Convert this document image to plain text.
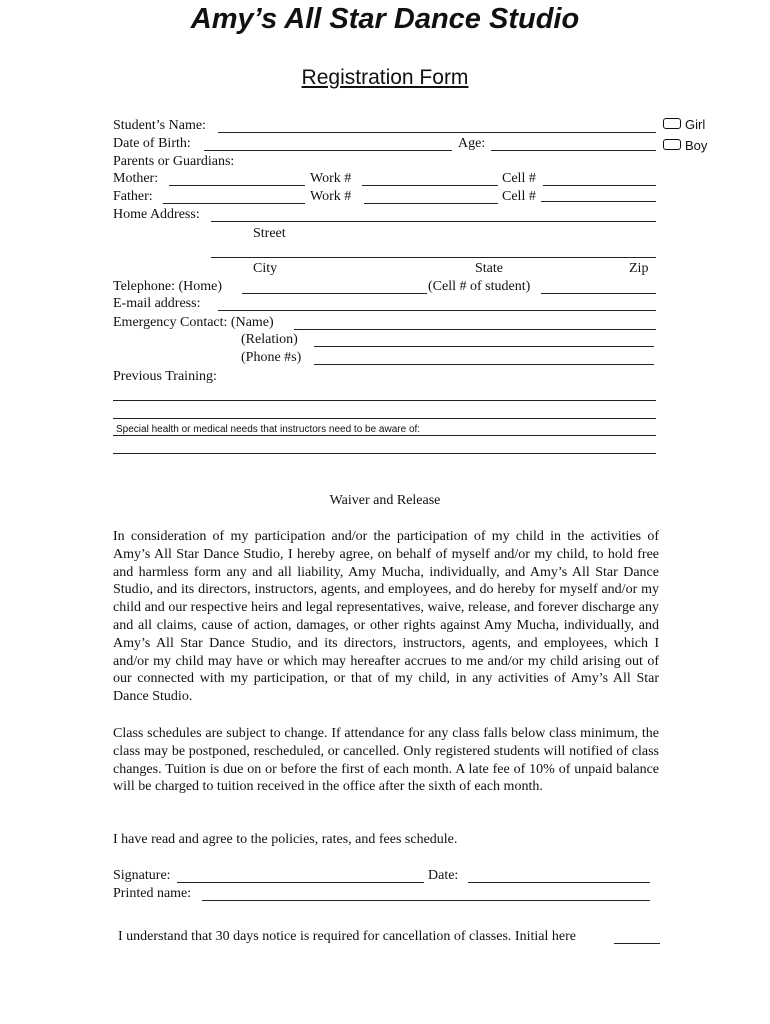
Amy’s All Star Dance Studio
Registration Form
Girl
Boy
Student’s Name:
Date of Birth:	Age:
Parents or Guardians:
Mother:	Work #	Cell #
Father:	Work #	Cell #
Home Address:
Street
City	State	Zip
Telephone: (Home)	(Cell # of student)
E-mail address:
Emergency Contact: (Name)
(Relation)
(Phone #s)
Previous Training:
Special health or medical needs that instructors need to be aware of:
Waiver and Release
In consideration of my participation and/or the participation of my child in the activities of Amy’s All Star Dance Studio, I hereby agree, on behalf of myself and/or my child, to hold free and harmless form any and all liability, Amy Mucha, individually, and Amy’s All Star Dance Studio, and its directors, instructors, agents, and employees, and do hereby for myself and/or my child and our respective heirs and legal representatives, waive, release, and forever discharge any and all claims, cause of action, damages, or other rights against Amy Mucha, individually, and Amy’s All Star Dance Studio, and its directors, instructors, agents, and employees, which I and/or my child may have or which may hereafter accrues to me and/or my child arising out of our connected with my participation, or that of my child, in any activities of Amy’s All Star Dance Studio.
Class schedules are subject to change. If attendance for any class falls below class minimum, the class may be postponed, rescheduled, or cancelled. Only registered students will notified of class changes. Tuition is due on or before the first of each month. A late fee of 10% of unpaid balance will be charged to tuition received in the office after the sixth of each month.
I have read and agree to the policies, rates, and fees schedule.
Signature:	Date:
Printed name:
I understand that 30 days notice is required for cancellation of classes. Initial here
